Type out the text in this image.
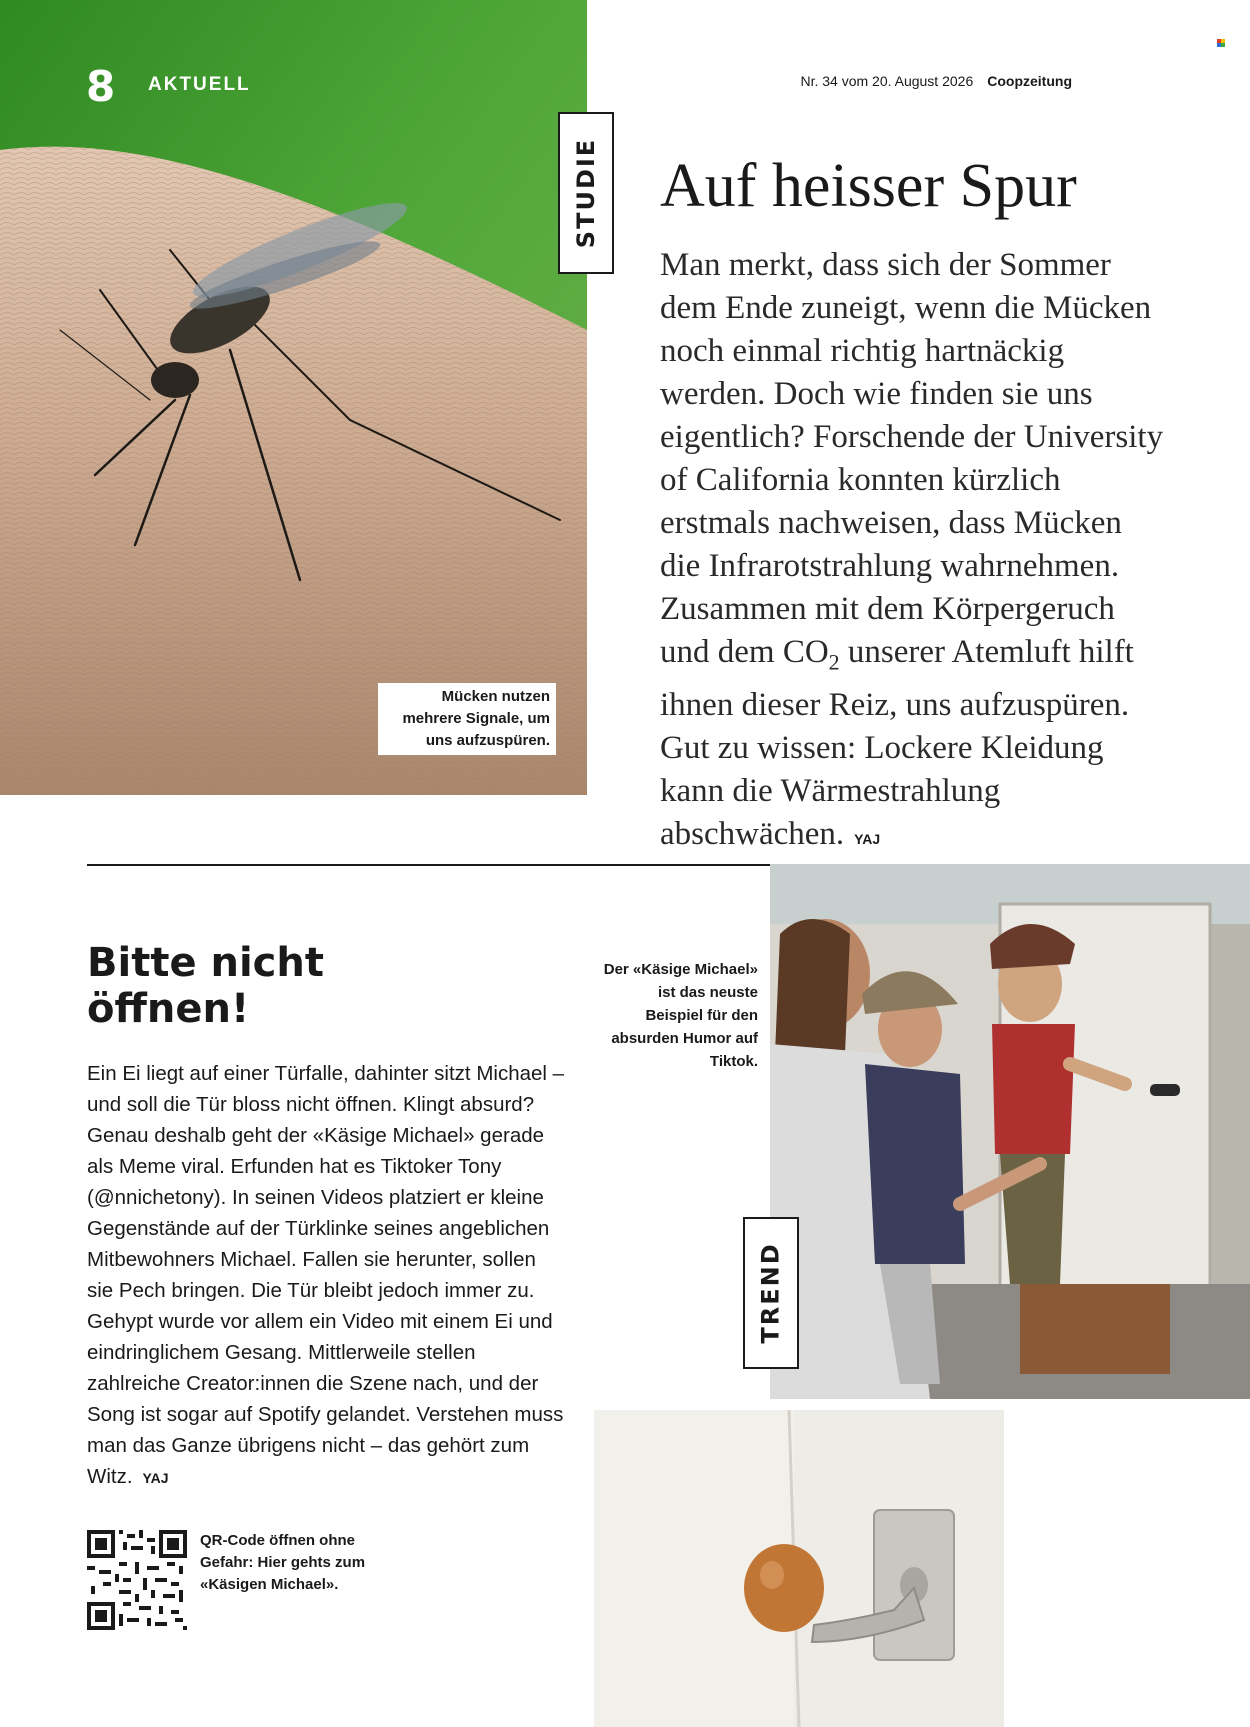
8 AKTUELL	Nr. 34 vom 20. August 2026 Coopzeitung
Mücken nutzen mehrere Signale, um uns aufzuspüren.
STUDIE Auf heisser Spur
Man merkt, dass sich der Sommer dem Ende zuneigt, wenn die Mücken noch einmal richtig hartnäckig werden. Doch wie finden sie uns eigentlich? Forschende der University of California konnten kürzlich erstmals nachweisen, dass Mücken die Infrarotstrahlung wahrnehmen. Zusammen mit dem Körpergeruch und dem $CO_2$ unserer Atemluft hilft ihnen dieser Reiz, uns aufzuspüren. Gut zu wissen: Lockere Kleidung kann die Wärmestrahlung abschwächen. YAJ
Bitte nicht öffnen!
Ein Ei liegt auf einer Türfalle, dahinter sitzt Michael – und soll die Tür bloss nicht öffnen. Klingt absurd? Genau deshalb geht der «Käsige Michael» gerade als Meme viral. Erfunden hat es Tiktoker Tony (@nnichetony). In seinen Videos platziert er kleine Gegenstände auf der Türklinke seines angeblichen Mitbewohners Michael. Fallen sie herunter, sollen sie Pech bringen. Die Tür bleibt jedoch immer zu. Gehypt wurde vor allem ein Video mit einem Ei und eindringlichem Gesang. Mittlerweile stellen zahlreiche Creator:innen die Szene nach, und der Song ist sogar auf Spotify gelandet. Verstehen muss man das Ganze übrigens nicht – das gehört zum Witz. YAJ
Der «Käsige Michael» ist das neuste Beispiel für den absurden Humor auf Tiktok.
TREND
QR-Code öffnen ohne Gefahr: Hier gehts zum «Käsigen Michael».
